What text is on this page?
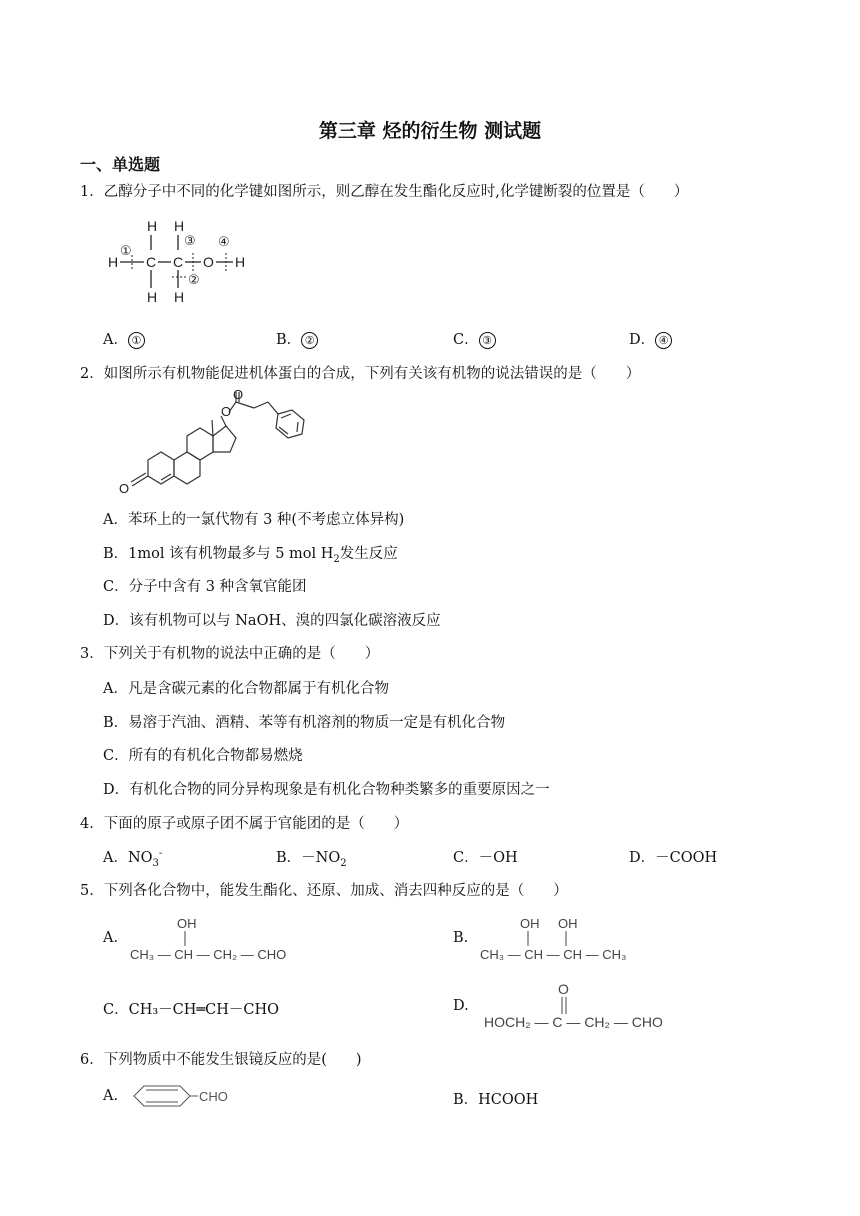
第三章 烃的衍生物 测试题
一、单选题
1．乙醇分子中不同的化学键如图所示，则乙醇在发生酯化反应时,化学键断裂的位置是（　　）
H H
H C C O H
H H
①
②
③ ④
A． ①	B． ②	C． ③	D． ④
2．如图所示有机物能促进机体蛋白的合成，下列有关该有机物的说法错误的是（　　）
O
O
O
A．苯环上的一氯代物有 3 种(不考虑立体异构)
B．1mol 该有机物最多与 5 mol $H_2$发生反应
C．分子中含有 3 种含氧官能团
D．该有机物可以与 NaOH、溴的四氯化碳溶液反应
3．下列关于有机物的说法中正确的是（　　）
A．凡是含碳元素的化合物都属于有机化合物
B．易溶于汽油、酒精、苯等有机溶剂的物质一定是有机化合物
C．所有的有机化合物都易燃烧
D．有机化合物的同分异构现象是有机化合物种类繁多的重要原因之一
4．下面的原子或原子团不属于官能团的是（　　）
A．$NO_3^-$	B．$-NO_2$	C．－OH	D．－COOH
5．下列各化合物中，能发生酯化、还原、加成、消去四种反应的是（　　）
A.
OH
CH₃ — CH — CH₂ — CHO
B.
OH OH
CH₃ — CH — CH — CH₃
C．CH₃－CH═CH－CHO	D.
O
HOCH₂ — C — CH₂ — CHO
6．下列物质中不能发生银镜反应的是(　　)
A.	CHO	B．HCOOH
